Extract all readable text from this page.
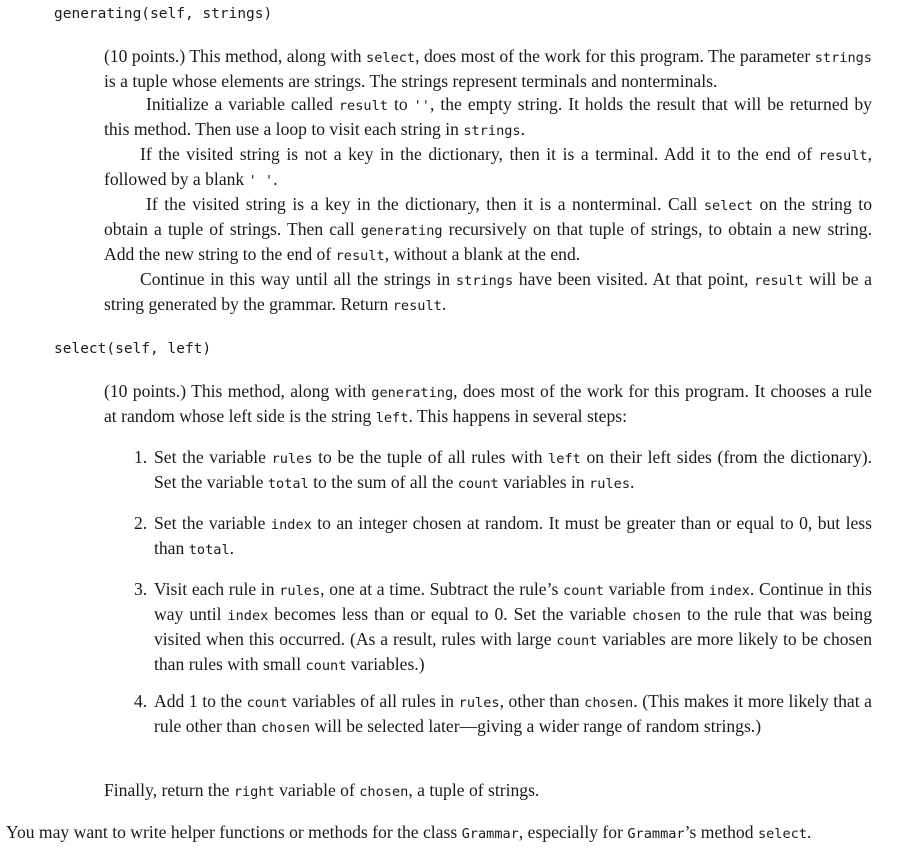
generating(self, strings)

(10 points.) This method, along with select, does most of the work for this program. The parameter strings is a tuple whose elements are strings. The strings represent terminals and nonterminals.

Initialize a variable called result to '', the empty string. It holds the result that will be returned by this method. Then use a loop to visit each string in strings.

If the visited string is not a key in the dictionary, then it is a terminal. Add it to the end of result, followed by a blank ' '.

If the visited string is a key in the dictionary, then it is a nonterminal. Call select on the string to obtain a tuple of strings. Then call generating recursively on that tuple of strings, to obtain a new string. Add the new string to the end of result, without a blank at the end.

Continue in this way until all the strings in strings have been visited. At that point, result will be a string generated by the grammar. Return result.

select(self, left)

(10 points.) This method, along with generating, does most of the work for this program. It chooses a rule at random whose left side is the string left. This happens in several steps:

1. Set the variable rules to be the tuple of all rules with left on their left sides (from the dictionary). Set the variable total to the sum of all the count variables in rules.
2. Set the variable index to an integer chosen at random. It must be greater than or equal to 0, but less than total.
3. Visit each rule in rules, one at a time. Subtract the rule’s count variable from index. Continue in this way until index becomes less than or equal to 0. Set the variable chosen to the rule that was being visited when this occurred. (As a result, rules with large count variables are more likely to be chosen than rules with small count variables.)
4. Add 1 to the count variables of all rules in rules, other than chosen. (This makes it more likely that a rule other than chosen will be selected later—giving a wider range of random strings.)
Finally, return the right variable of chosen, a tuple of strings.
You may want to write helper functions or methods for the class Grammar, especially for Grammar’s method select.
